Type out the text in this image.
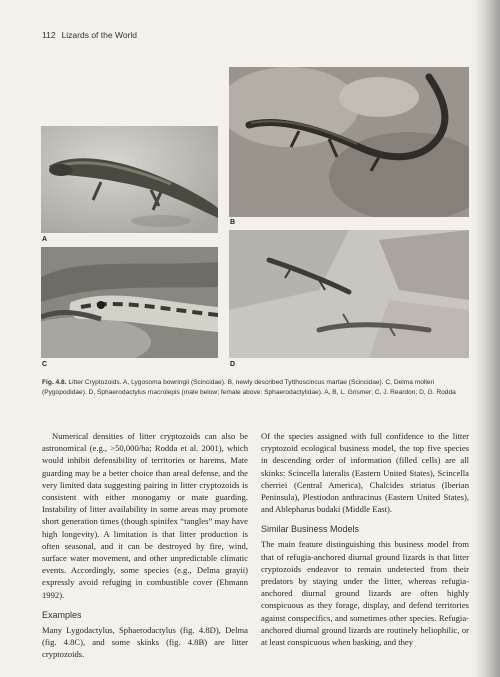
112 Lizards of the World
A
B
C	D
Fig. 4.8. Litter Cryptozoids. A, Lygosoma bowringii (Scincidae). B, newly described Tytthoscincus martae (Scincidae). C, Delma molleri (Pygopodidae). D, Sphaerodactylus macrolepis (male below; female above: Sphaerodactylidae). A, B, L. Grismer; C, J. Reardon; D, G. Rodda

Numerical densities of litter cryptozoids can also be astronomical (e.g., >50,000/ha; Rodda et al. 2001), which would inhibit defensibility of territories or harems. Mate guarding may be a better choice than areal defense, and the very limited data suggesting pairing in litter cryptozoids is consistent with either monogamy or mate guarding. Instability of litter availability in some areas may promote short generation times (though spinifex “tangles” may have high longevity). A limitation is that litter production is often seasonal, and it can be destroyed by fire, wind, surface water movement, and other unpredictable climatic events. Accordingly, some species (e.g., Delma grayii) expressly avoid refuging in combustible cover (Ehmann 1992).

Examples

Many Lygodactylus, Sphaerodactylus (fig. 4.8D), Delma (fig. 4.8C), and some skinks (fig. 4.8B) are litter cryptozoids.

Of the species assigned with full confidence to the litter cryptozoid ecological business model, the top five species in descending order of information (filled cells) are all skinks: Scincella lateralis (Eastern United States), Scincella cherriei (Central America), Chalcides striatus (Iberian Peninsula), Plestiodon anthracinus (Eastern United States), and Ablepharus budaki (Middle East).

Similar Business Models

The main feature distinguishing this business model from that of refugia-anchored diurnal ground lizards is that litter cryptozoids endeavor to remain undetected from their predators by staying under the litter, whereas refugia-anchored diurnal ground lizards are often highly conspicuous as they forage, display, and defend territories against conspecifics, and sometimes other species. Refugia-anchored diurnal ground lizards are routinely heliophilic, or at least conspicuous when basking, and they
